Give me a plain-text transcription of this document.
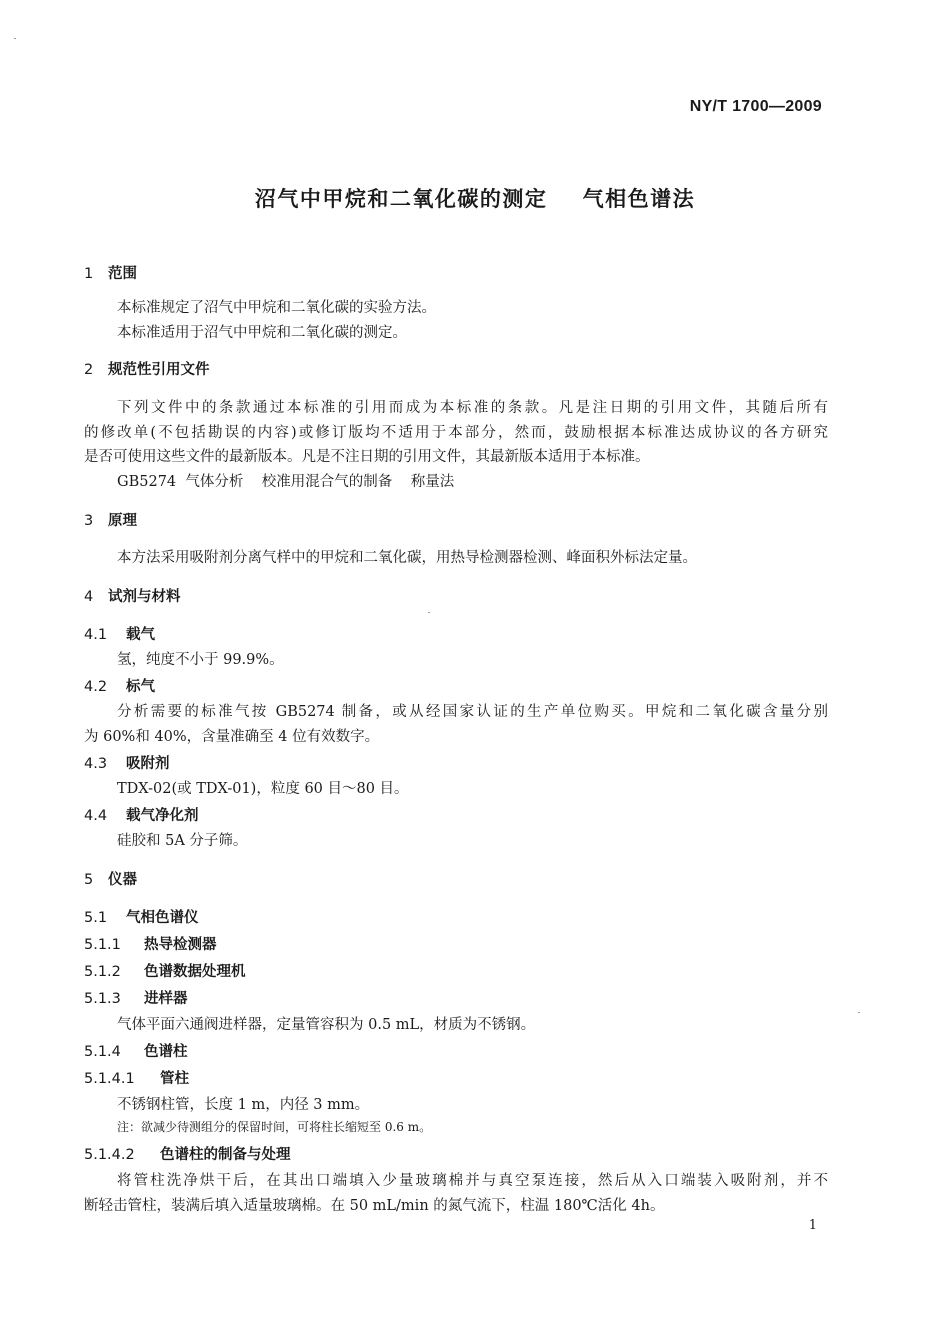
NY/T 1700—2009
沼气中甲烷和二氧化碳的测定    气相色谱法
1 范围
本标准规定了沼气中甲烷和二氧化碳的实验方法。
本标准适用于沼气中甲烷和二氧化碳的测定。
2 规范性引用文件
下列文件中的条款通过本标准的引用而成为本标准的条款。凡是注日期的引用文件，其随后所有
的修改单(不包括勘误的内容)或修订版均不适用于本部分，然而，鼓励根据本标准达成协议的各方研究
是否可使用这些文件的最新版本。凡是不注日期的引用文件，其最新版本适用于本标准。
GB5274  气体分析    校准用混合气的制备    称量法
3 原理
本方法采用吸附剂分离气样中的甲烷和二氧化碳，用热导检测器检测、峰面积外标法定量。
4 试剂与材料
4.1 载气
氢，纯度不小于 99.9%。
4.2 标气
分析需要的标准气按 GB5274 制备，或从经国家认证的生产单位购买。甲烷和二氧化碳含量分别
为 60%和 40%，含量准确至 4 位有效数字。
4.3 吸附剂
TDX-02(或 TDX-01)，粒度 60 目～80 目。
4.4 载气净化剂
硅胶和 5A 分子筛。
5 仪器
5.1 气相色谱仪
5.1.1 热导检测器
5.1.2 色谱数据处理机
5.1.3 进样器
气体平面六通阀进样器，定量管容积为 0.5 mL，材质为不锈钢。
5.1.4 色谱柱
5.1.4.1 管柱
不锈钢柱管，长度 1 m，内径 3 mm。
注：欲减少待测组分的保留时间，可将柱长缩短至 0.6 m。
5.1.4.2 色谱柱的制备与处理
将管柱洗净烘干后，在其出口端填入少量玻璃棉并与真空泵连接，然后从入口端装入吸附剂，并不
断轻击管柱，装满后填入适量玻璃棉。在 50 mL/min 的氮气流下，柱温 180℃活化 4h。
1
